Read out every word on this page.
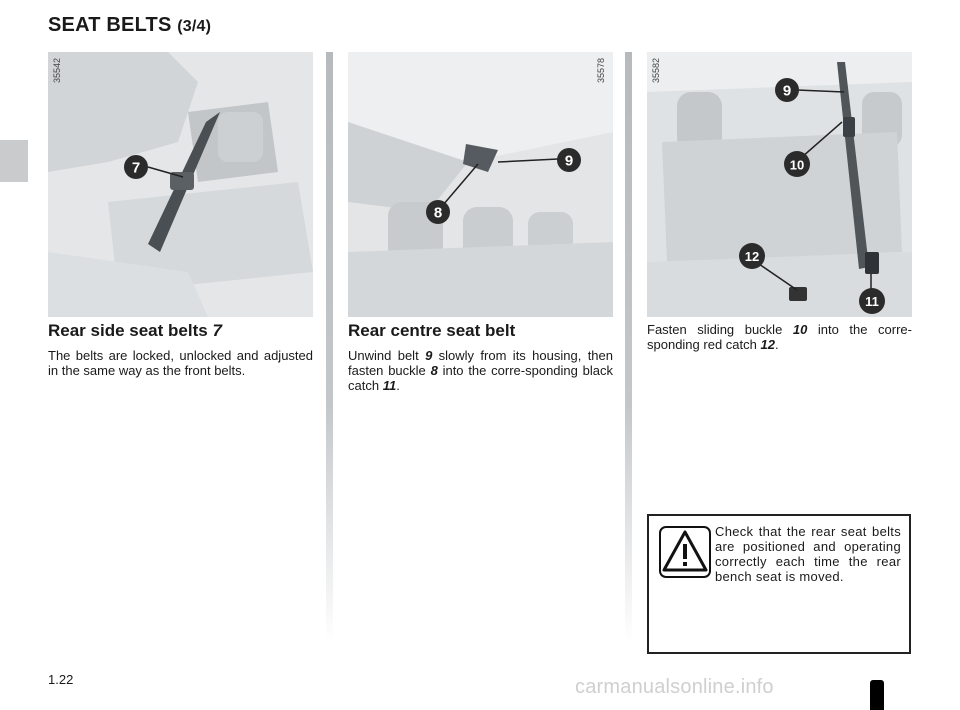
SEAT BELTS (3/4)
7
35542
Rear side seat belts 7

The belts are locked, unlocked and adjusted in the same way as the front belts.

9
8
35578
Rear centre seat belt

Unwind belt 9 slowly from its housing, then fasten buckle 8 into the corre-sponding black catch 11.

9
10
12
11
35582

Fasten sliding buckle 10 into the corre-sponding red catch 12.

Check that the rear seat belts are positioned and operating correctly each time the rear bench seat is moved.

1.22	carmanualsonline.info
